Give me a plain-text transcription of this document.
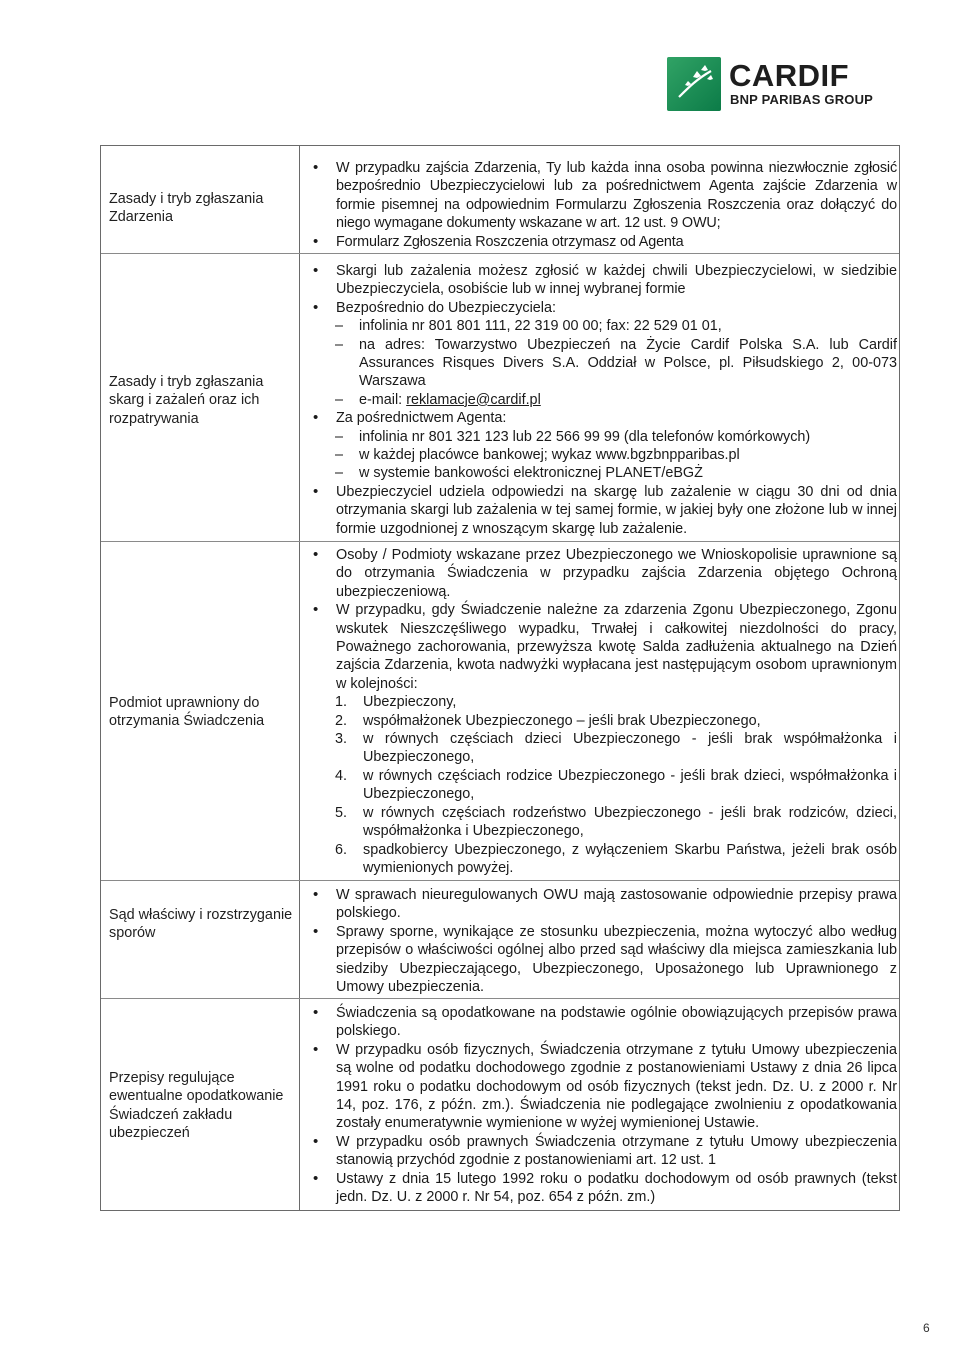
CARDIF
BNP PARIBAS GROUP
Zasady i tryb zgłaszania Zdarzenia
Zasady i tryb zgłaszania skarg i zażaleń oraz ich rozpatrywania
Podmiot uprawniony do otrzymania Świadczenia
Sąd właściwy i rozstrzyganie sporów
Przepisy regulujące ewentualne opodatkowanie Świadczeń zakładu ubezpieczeń
• W przypadku zajścia Zdarzenia, Ty lub każda inna osoba powinna niezwłocznie zgłosić bezpośrednio Ubezpieczycielowi lub za pośrednictwem Agenta zajście Zdarzenia w formie pisemnej na odpowiednim Formularzu Zgłoszenia Roszczenia oraz dołączyć do niego wymagane dokumenty wskazane w art. 12 ust. 9 OWU;
• Formularz Zgłoszenia Roszczenia otrzymasz od Agenta
• Skargi lub zażalenia możesz zgłosić w każdej chwili Ubezpieczycielowi, w siedzibie Ubezpieczyciela, osobiście lub w innej wybranej formie
• Bezpośrednio do Ubezpieczyciela:
– infolinia nr 801 801 111, 22 319 00 00; fax: 22 529 01 01,
– na adres: Towarzystwo Ubezpieczeń na Życie Cardif Polska S.A. lub Cardif Assurances Risques Divers S.A. Oddział w Polsce, pl. Piłsudskiego 2, 00-073 Warszawa
– e-mail: reklamacje@cardif.pl
• Za pośrednictwem Agenta:
– infolinia nr 801 321 123 lub 22 566 99 99 (dla telefonów komórkowych)
– w każdej placówce bankowej; wykaz www.bgzbnpparibas.pl
– w systemie bankowości elektronicznej PLANET/eBGŻ
• Ubezpieczyciel udziela odpowiedzi na skargę lub zażalenie w ciągu 30 dni od dnia otrzymania skargi lub zażalenia w tej samej formie, w jakiej były one złożone lub w innej formie uzgodnionej z wnoszącym skargę lub zażalenie.
• Osoby / Podmioty wskazane przez Ubezpieczonego we Wnioskopolisie uprawnione są do otrzymania Świadczenia w przypadku zajścia Zdarzenia objętego Ochroną ubezpieczeniową.
• W przypadku, gdy Świadczenie należne za zdarzenia Zgonu Ubezpieczonego, Zgonu wskutek Nieszczęśliwego wypadku, Trwałej i całkowitej niezdolności do pracy, Poważnego zachorowania, przewyższa kwotę Salda zadłużenia aktualnego na Dzień zajścia Zdarzenia, kwota nadwyżki wypłacana jest następującym osobom uprawnionym w kolejności:
1. Ubezpieczony,
2. współmałżonek Ubezpieczonego – jeśli brak Ubezpieczonego,
3. w równych częściach dzieci Ubezpieczonego - jeśli brak współmałżonka i Ubezpieczonego,
4. w równych częściach rodzice Ubezpieczonego - jeśli brak dzieci, współmałżonka i Ubezpieczonego,
5. w równych częściach rodzeństwo Ubezpieczonego - jeśli brak rodziców, dzieci, współmałżonka i Ubezpieczonego,
6. spadkobiercy Ubezpieczonego, z wyłączeniem Skarbu Państwa, jeżeli brak osób wymienionych powyżej.
• W sprawach nieuregulowanych OWU mają zastosowanie odpowiednie przepisy prawa polskiego.
• Sprawy sporne, wynikające ze stosunku ubezpieczenia, można wytoczyć albo według przepisów o właściwości ogólnej albo przed sąd właściwy dla miejsca zamieszkania lub siedziby Ubezpieczającego, Ubezpieczonego, Uposażonego lub Uprawnionego z Umowy ubezpieczenia.
• Świadczenia są opodatkowane na podstawie ogólnie obowiązujących przepisów prawa polskiego.
• W przypadku osób fizycznych, Świadczenia otrzymane z tytułu Umowy ubezpieczenia są wolne od podatku dochodowego zgodnie z postanowieniami Ustawy z dnia 26 lipca 1991 roku o podatku dochodowym od osób fizycznych (tekst jedn. Dz. U. z 2000 r. Nr 14, poz. 176, z późn. zm.). Świadczenia nie podlegające zwolnieniu z opodatkowania zostały enumeratywnie wymienione w wyżej wymienionej Ustawie.
• W przypadku osób prawnych Świadczenia otrzymane z tytułu Umowy ubezpieczenia stanowią przychód zgodnie z postanowieniami art. 12 ust. 1
• Ustawy z dnia 15 lutego 1992 roku o podatku dochodowym od osób prawnych (tekst jedn. Dz. U. z 2000 r. Nr 54, poz. 654 z późn. zm.)
6
